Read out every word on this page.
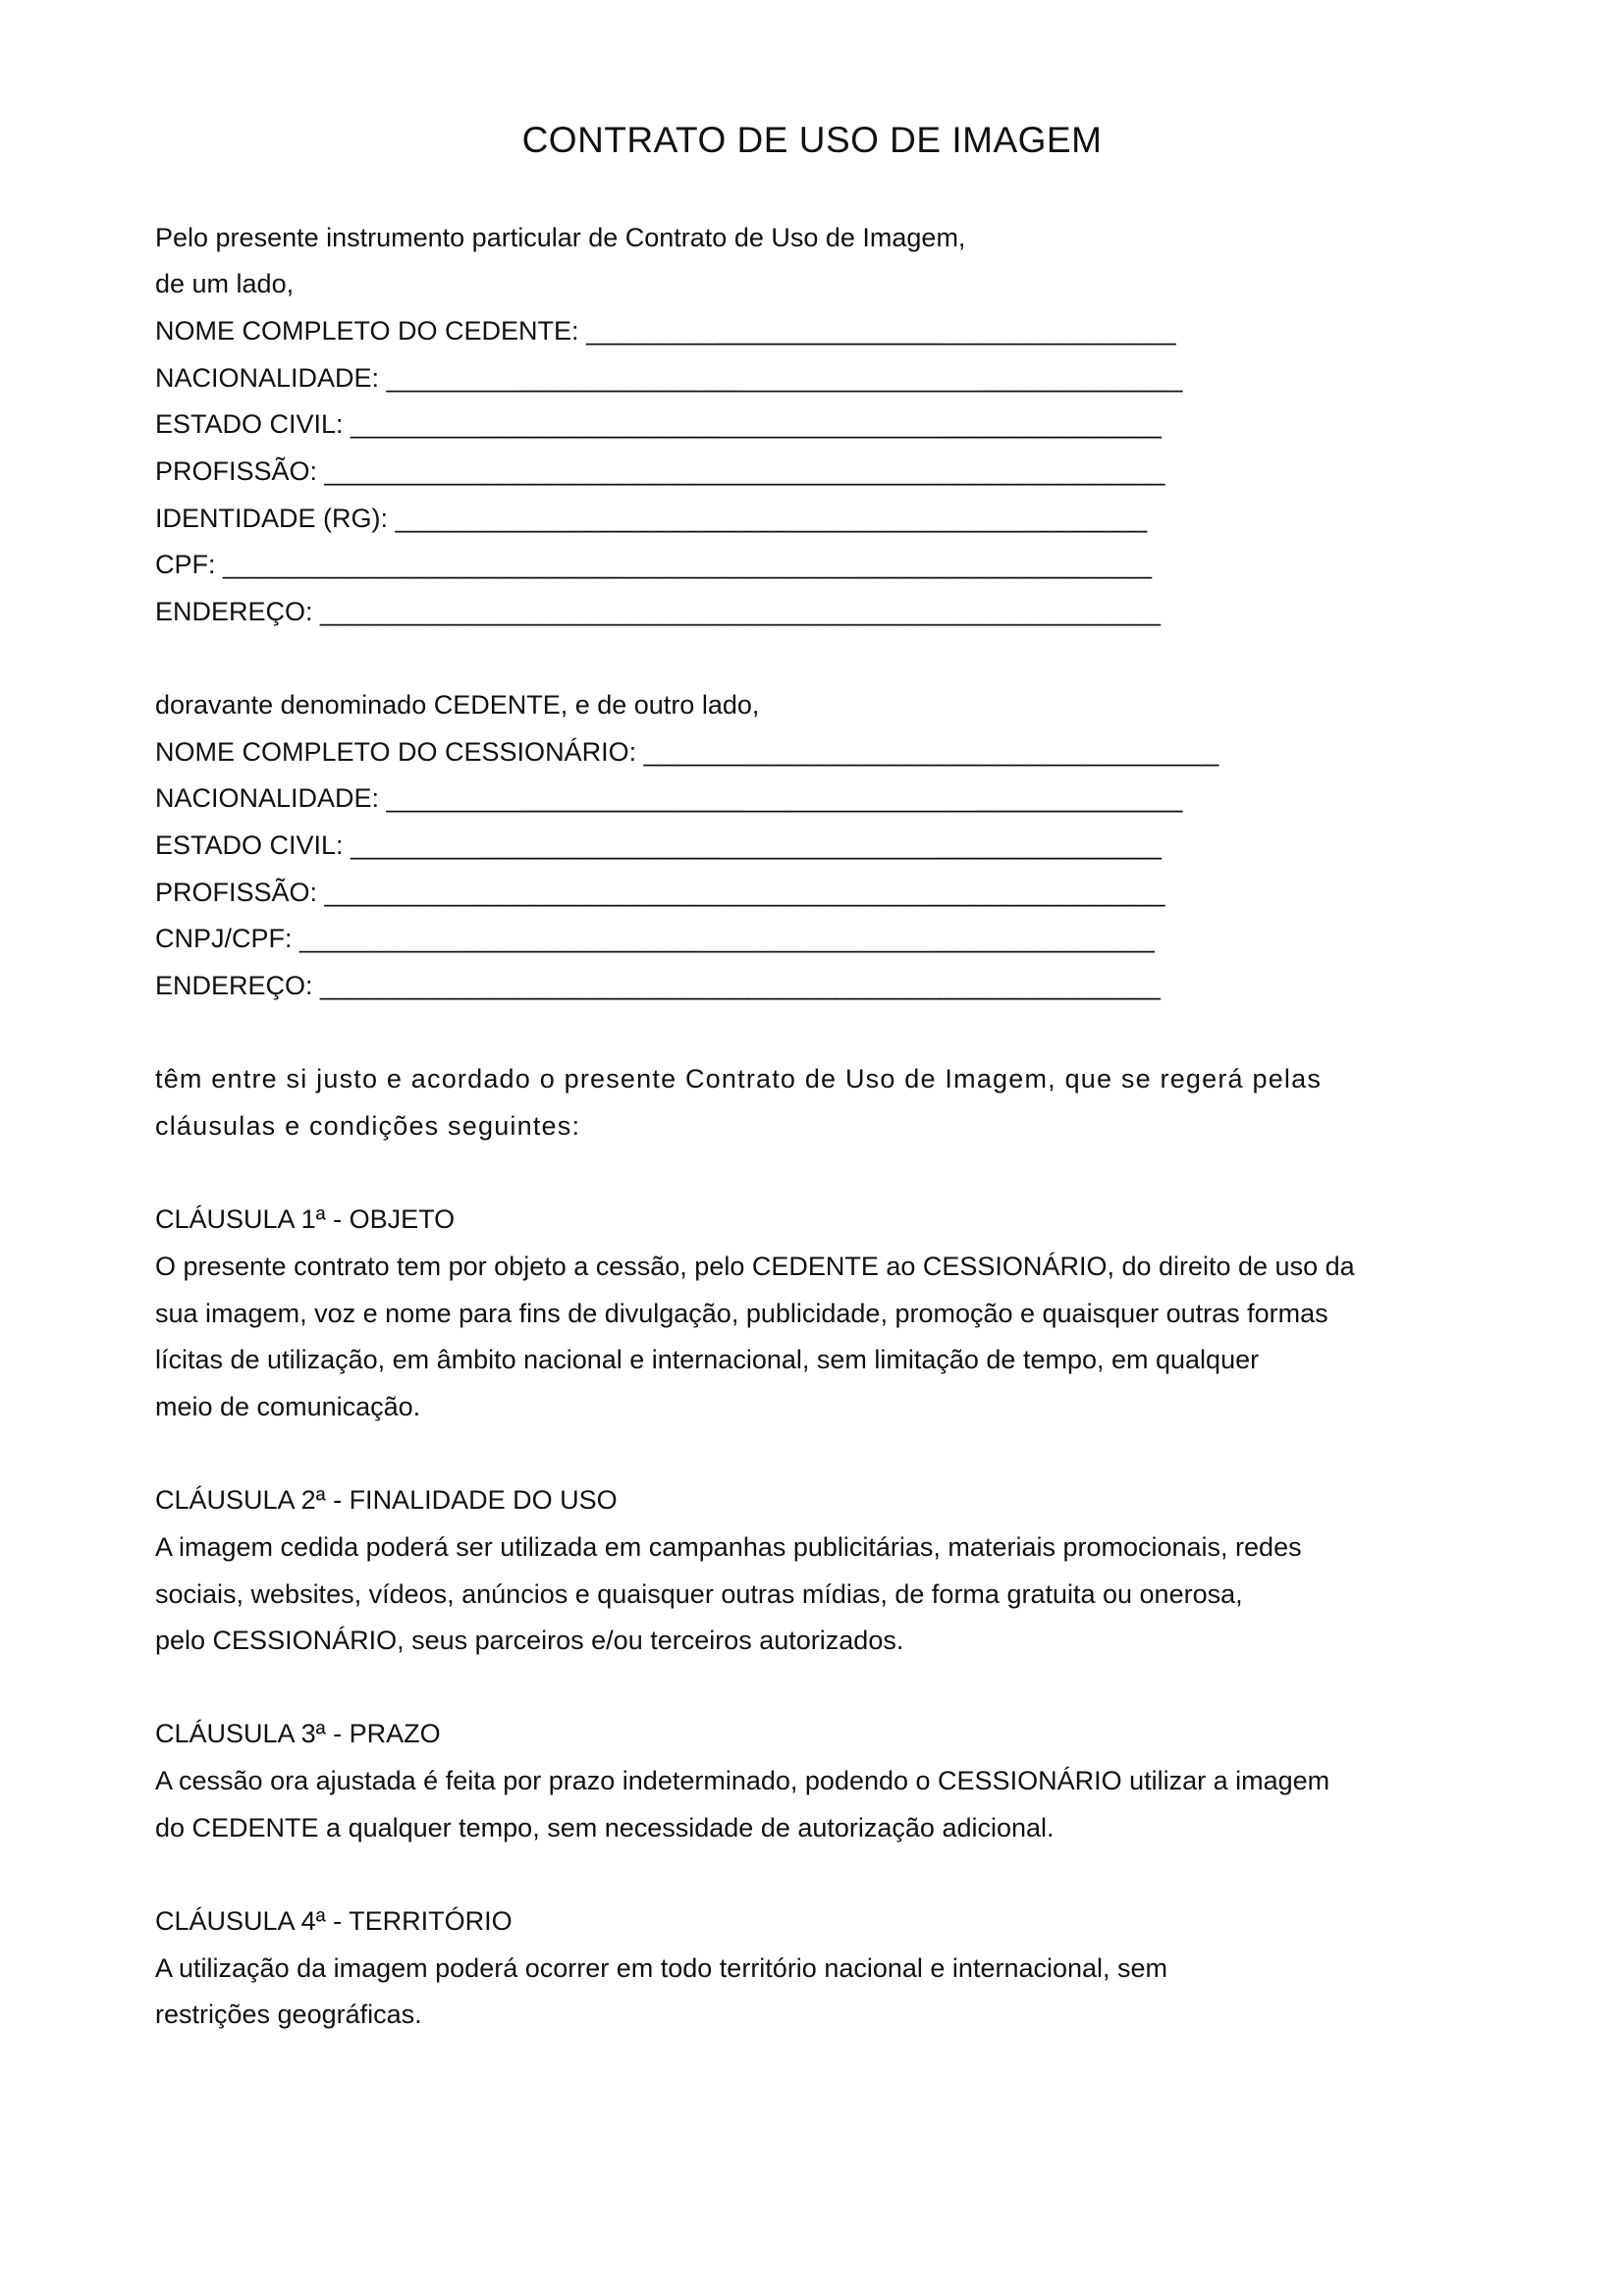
CONTRATO DE USO DE IMAGEM
Pelo presente instrumento particular de Contrato de Uso de Imagem,
de um lado,
NOME COMPLETO DO CEDENTE: ________________________________________
NACIONALIDADE: ______________________________________________________
ESTADO CIVIL: _______________________________________________________
PROFISSÃO: _________________________________________________________
IDENTIDADE (RG): ___________________________________________________
CPF: _______________________________________________________________
ENDEREÇO: _________________________________________________________
doravante denominado CEDENTE, e de outro lado,
NOME COMPLETO DO CESSIONÁRIO: _______________________________________
NACIONALIDADE: ______________________________________________________
ESTADO CIVIL: _______________________________________________________
PROFISSÃO: _________________________________________________________
CNPJ/CPF: __________________________________________________________
ENDEREÇO: _________________________________________________________
têm entre si justo e acordado o presente Contrato de Uso de Imagem, que se regerá pelas
cláusulas e condições seguintes:
CLÁUSULA 1ª - OBJETO
O presente contrato tem por objeto a cessão, pelo CEDENTE ao CESSIONÁRIO, do direito de uso da
sua imagem, voz e nome para fins de divulgação, publicidade, promoção e quaisquer outras formas
lícitas de utilização, em âmbito nacional e internacional, sem limitação de tempo, em qualquer
meio de comunicação.
CLÁUSULA 2ª - FINALIDADE DO USO
A imagem cedida poderá ser utilizada em campanhas publicitárias, materiais promocionais, redes
sociais, websites, vídeos, anúncios e quaisquer outras mídias, de forma gratuita ou onerosa,
pelo CESSIONÁRIO, seus parceiros e/ou terceiros autorizados.
CLÁUSULA 3ª - PRAZO
A cessão ora ajustada é feita por prazo indeterminado, podendo o CESSIONÁRIO utilizar a imagem
do CEDENTE a qualquer tempo, sem necessidade de autorização adicional.
CLÁUSULA 4ª - TERRITÓRIO
A utilização da imagem poderá ocorrer em todo território nacional e internacional, sem
restrições geográficas.
